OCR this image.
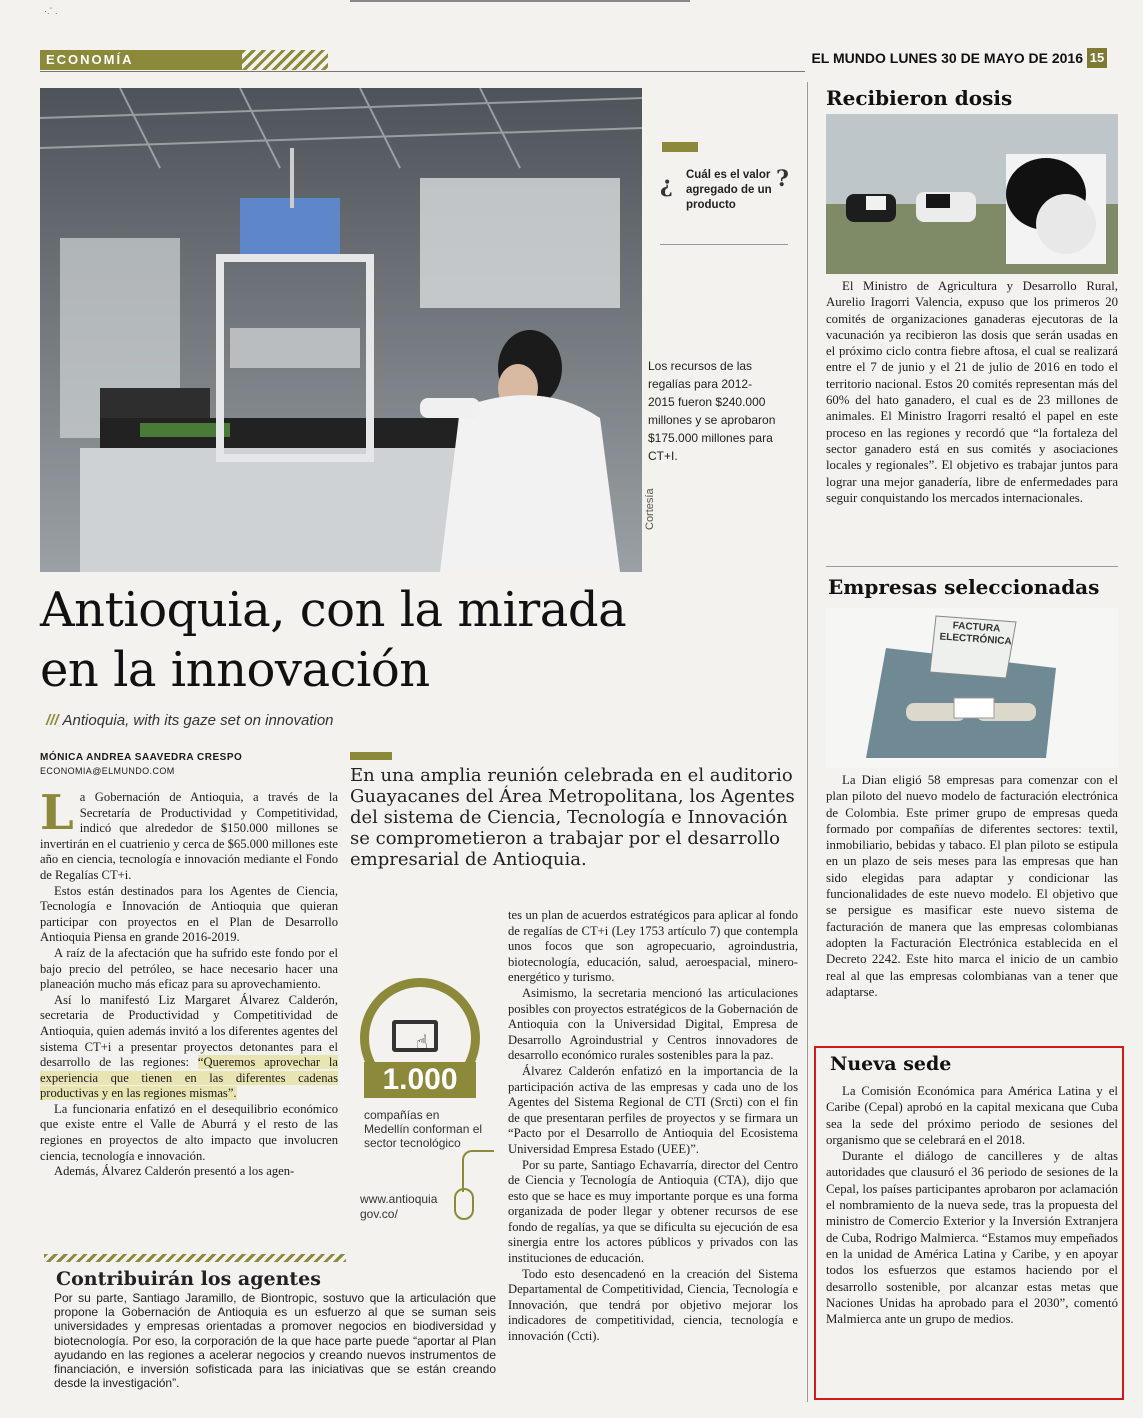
·.¨ .
ECONOMÍA	EL MUNDO LUNES 30 DE MAYO DE 2016 15
Cortesía
¿ Cuál es el valor agregado de un producto
?
Los recursos de las regalías para 2012-2015 fueron $240.000 millones y se aprobaron $175.000 millones para CT+I.
Antioquia, con la mirada
en la innovación
/// Antioquia, with its gaze set on innovation
MÓNICA ANDREA SAAVEDRA CRESPO
ECONOMIA@ELMUNDO.COM	En una amplia reunión celebrada en el auditorio Guayacanes del Área Metropolitana, los Agentes del sistema de Ciencia, Tecnología e Innovación se comprometieron a trabajar por el desarrollo empresarial de Antioquia.

La Gobernación de Antioquia, a través de la Secretaría de Productividad y Competitividad, indicó que alrededor de $150.000 millones se invertirán en el cuatrienio y cerca de $65.000 millones este año en ciencia, tecnología e innovación mediante el Fondo de Regalías CT+i.

Estos están destinados para los Agentes de Ciencia, Tecnología e Innovación de Antioquia que quieran participar con proyectos en el Plan de Desarrollo Antioquia Piensa en grande 2016-2019.

A raíz de la afectación que ha sufrido este fondo por el bajo precio del petróleo, se hace necesario hacer una planeación mucho más eficaz para su aprovechamiento.

Así lo manifestó Liz Margaret Álvarez Calderón, secretaria de Productividad y Competitividad de Antioquia, quien además invitó a los diferentes agentes del sistema CT+i a presentar proyectos detonantes para el desarrollo de las regiones: “Queremos aprovechar la experiencia que tienen en las diferentes cadenas productivas y en las regiones mismas”.

La funcionaria enfatizó en el desequilibrio económico que existe entre el Valle de Aburrá y el resto de las regiones en proyectos de alto impacto que involucren ciencia, tecnología e innovación.

Además, Álvarez Calderón presentó a los agen-

☝
1.000
compañías en Medellín conforman el sector tecnológico
www.antioquia gov.co/

tes un plan de acuerdos estratégicos para aplicar al fondo de regalías de CT+i (Ley 1753 artículo 7) que contempla unos focos que son agropecuario, agroindustria, biotecnología, educación, salud, aeroespacial, minero-energético y turismo.

Asimismo, la secretaria mencionó las articulaciones posibles con proyectos estratégicos de la Gobernación de Antioquia con la Universidad Digital, Empresa de Desarrollo Agroindustrial y Centros innovadores de desarrollo económico rurales sostenibles para la paz.

Álvarez Calderón enfatizó en la importancia de la participación activa de las empresas y cada uno de los Agentes del Sistema Regional de CTI (Srcti) con el fin de que presentaran perfiles de proyectos y se firmara un “Pacto por el Desarrollo de Antioquia del Ecosistema Universidad Empresa Estado (UEE)”.

Por su parte, Santiago Echavarría, director del Centro de Ciencia y Tecnología de Antioquia (CTA), dijo que esto que se hace es muy importante porque es una forma organizada de poder llegar y obtener recursos de ese fondo de regalías, ya que se dificulta su ejecución de esa sinergia entre los actores públicos y privados con las instituciones de educación.

Todo esto desencadenó en la creación del Sistema Departamental de Competitividad, Ciencia, Tecnología e Innovación, que tendrá por objetivo mejorar los indicadores de competitividad, ciencia, tecnología e innovación (Ccti).

Contribuirán los agentes
Por su parte, Santiago Jaramillo, de Biontropic, sostuvo que la articulación que propone la Gobernación de Antioquia es un esfuerzo al que se suman seis universidades y empresas orientadas a promover negocios en biodiversidad y biotecnología. Por eso, la corporación de la que hace parte puede “aportar al Plan ayudando en las regiones a acelerar negocios y creando nuevos instrumentos de financiación, e inversión sofisticada para las iniciativas que se están creando desde la investigación”.
Recibieron dosis

El Ministro de Agricultura y Desarrollo Rural, Aurelio Iragorri Valencia, expuso que los primeros 20 comités de organizaciones ganaderas ejecutoras de la vacunación ya recibieron las dosis que serán usadas en el próximo ciclo contra fiebre aftosa, el cual se realizará entre el 7 de junio y el 21 de julio de 2016 en todo el territorio nacional. Estos 20 comités representan más del 60% del hato ganadero, el cual es de 23 millones de animales. El Ministro Iragorri resaltó el papel en este proceso en las regiones y recordó que “la fortaleza del sector ganadero está en sus comités y asociaciones locales y regionales”. El objetivo es trabajar juntos para lograr una mejor ganadería, libre de enfermedades para seguir conquistando los mercados internacionales.

Empresas seleccionadas
FACTURA ELECTRÓNICA

La Dian eligió 58 empresas para comenzar con el plan piloto del nuevo modelo de facturación electrónica de Colombia. Este primer grupo de empresas queda formado por compañías de diferentes sectores: textil, inmobiliario, bebidas y tabaco. El plan piloto se estipula en un plazo de seis meses para las empresas que han sido elegidas para adaptar y condicionar las funcionalidades de este nuevo modelo. El objetivo que se persigue es masificar este nuevo sistema de facturación de manera que las empresas colombianas adopten la Facturación Electrónica establecida en el Decreto 2242. Este hito marca el inicio de un cambio real al que las empresas colombianas van a tener que adaptarse.

Nueva sede

La Comisión Económica para América Latina y el Caribe (Cepal) aprobó en la capital mexicana que Cuba sea la sede del próximo periodo de sesiones del organismo que se celebrará en el 2018.

Durante el diálogo de cancilleres y de altas autoridades que clausuró el 36 periodo de sesiones de la Cepal, los países participantes aprobaron por aclamación el nombramiento de la nueva sede, tras la propuesta del ministro de Comercio Exterior y la Inversión Extranjera de Cuba, Rodrigo Malmierca. “Estamos muy empeñados en la unidad de América Latina y Caribe, y en apoyar todos los esfuerzos que estamos haciendo por el desarrollo sostenible, por alcanzar estas metas que Naciones Unidas ha aprobado para el 2030”, comentó Malmierca ante un grupo de medios.
